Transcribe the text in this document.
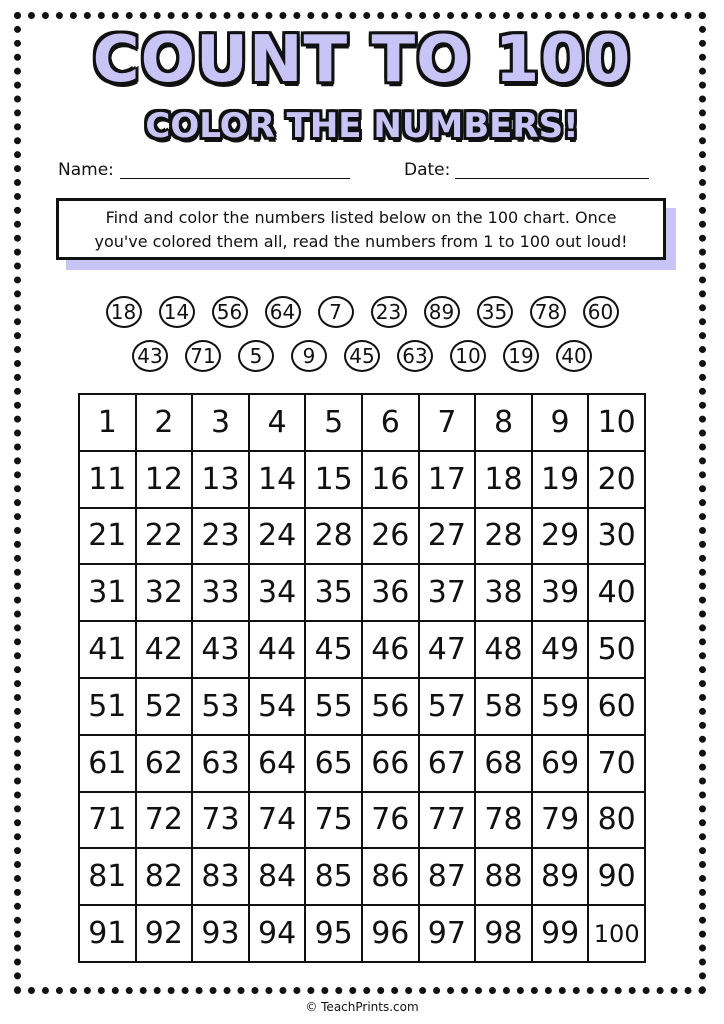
COUNT TO 100
COLOR THE NUMBERS!
Name:	Date:
Find and color the numbers listed below on the 100 chart. Once
you've colored them all, read the numbers from 1 to 100 out loud!
18 14 56 64	7	23 89 35 78 60
43 71	5	9	45 63 10 19 40
1	2	3	4	5	6	7	8	9 10
11 12 13 14 15 16 17 18 19 20
21 22 23 24 28 26 27 28 29 30
31 32 33 34 35 36 37 38 39 40
41 42 43 44 45 46 47 48 49 50
51 52 53 54 55 56 57 58 59 60
61 62 63 64 65 66 67 68 69 70
71 72 73 74 75 76 77 78 79 80
81 82 83 84 85 86 87 88 89 90
91 92 93 94 95 96 97 98 99 100
© TeachPrints.com
